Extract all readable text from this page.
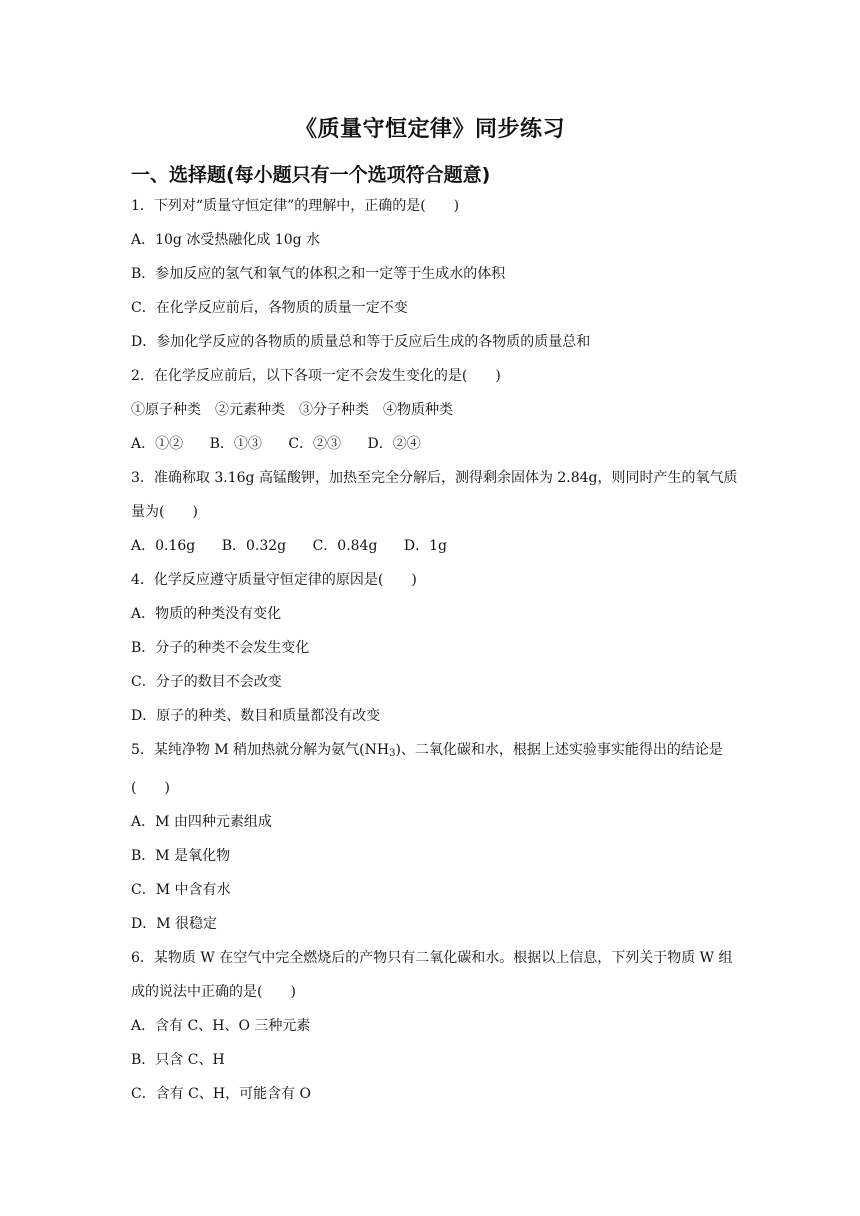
《质量守恒定律》同步练习
一、选择题(每小题只有一个选项符合题意)
1．下列对“质量守恒定律”的理解中，正确的是(　　)
A．10g 冰受热融化成 10g 水
B．参加反应的氢气和氧气的体积之和一定等于生成水的体积
C．在化学反应前后，各物质的质量一定不变
D．参加化学反应的各物质的质量总和等于反应后生成的各物质的质量总和
2．在化学反应前后，以下各项一定不会发生变化的是(　　)
①原子种类　②元素种类　③分子种类　④物质种类
A．①② B．①③ C．②③ D．②④
3．准确称取 3.16g 高锰酸钾，加热至完全分解后，测得剩余固体为 2.84g，则同时产生的氧气质量为(　　)
A．0.16g B．0.32g C．0.84g D．1g
4．化学反应遵守质量守恒定律的原因是(　　)
A．物质的种类没有变化
B．分子的种类不会发生变化
C．分子的数目不会改变
D．原子的种类、数目和质量都没有改变
5．某纯净物 M 稍加热就分解为氨气$(NH_3)$、二氧化碳和水，根据上述实验事实能得出的结论是(　　)
A．M 由四种元素组成
B．M 是氧化物
C．M 中含有水
D．M 很稳定
6．某物质 W 在空气中完全燃烧后的产物只有二氧化碳和水。根据以上信息，下列关于物质 W 组成的说法中正确的是(　　)
A．含有 C、H、O 三种元素
B．只含 C、H
C．含有 C、H，可能含有 O
